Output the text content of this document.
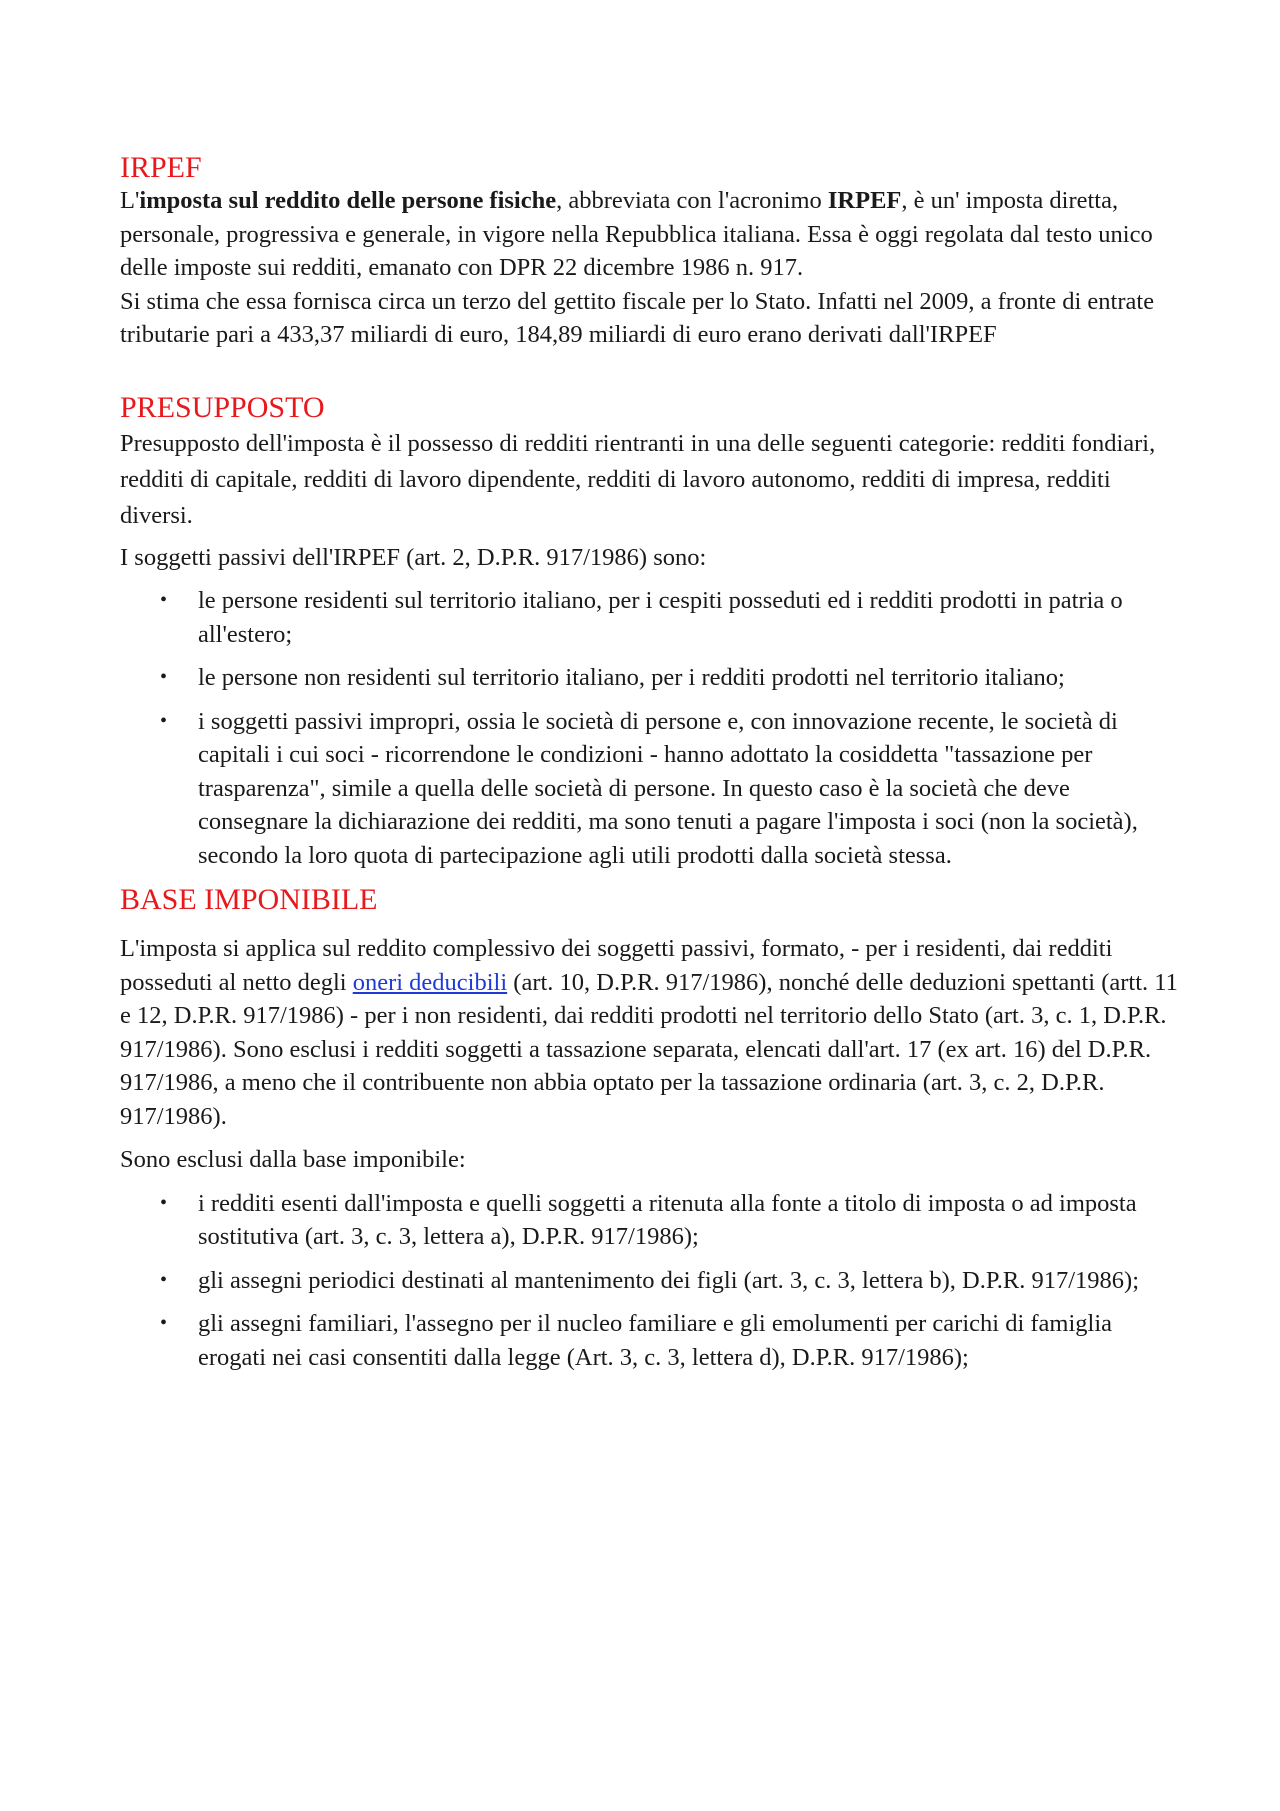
IRPEF

L'imposta sul reddito delle persone fisiche, abbreviata con l'acronimo IRPEF, è un' imposta diretta, personale, progressiva e generale, in vigore nella Repubblica italiana. Essa è oggi regolata dal testo unico delle imposte sui redditi, emanato con DPR 22 dicembre 1986 n. 917.

Si stima che essa fornisca circa un terzo del gettito fiscale per lo Stato. Infatti nel 2009, a fronte di entrate tributarie pari a 433,37 miliardi di euro, 184,89 miliardi di euro erano derivati dall'IRPEF

PRESUPPOSTO

Presupposto dell'imposta è il possesso di redditi rientranti in una delle seguenti categorie: redditi fondiari, redditi di capitale, redditi di lavoro dipendente, redditi di lavoro autonomo, redditi di impresa, redditi diversi.

I soggetti passivi dell'IRPEF (art. 2, D.P.R. 917/1986) sono:

• le persone residenti sul territorio italiano, per i cespiti posseduti ed i redditi prodotti in patria o all'estero;
• le persone non residenti sul territorio italiano, per i redditi prodotti nel territorio italiano;
• i soggetti passivi impropri, ossia le società di persone e, con innovazione recente, le società di capitali i cui soci - ricorrendone le condizioni - hanno adottato la cosiddetta "tassazione per trasparenza", simile a quella delle società di persone. In questo caso è la società che deve consegnare la dichiarazione dei redditi, ma sono tenuti a pagare l'imposta i soci (non la società), secondo la loro quota di partecipazione agli utili prodotti dalla società stessa.
BASE IMPONIBILE

L'imposta si applica sul reddito complessivo dei soggetti passivi, formato, - per i residenti, dai redditi posseduti al netto degli oneri deducibili (art. 10, D.P.R. 917/1986), nonché delle deduzioni spettanti (artt. 11 e 12, D.P.R. 917/1986) - per i non residenti, dai redditi prodotti nel territorio dello Stato (art. 3, c. 1, D.P.R. 917/1986). Sono esclusi i redditi soggetti a tassazione separata, elencati dall'art. 17 (ex art. 16) del D.P.R. 917/1986, a meno che il contribuente non abbia optato per la tassazione ordinaria (art. 3, c. 2, D.P.R. 917/1986).

Sono esclusi dalla base imponibile:

• i redditi esenti dall'imposta e quelli soggetti a ritenuta alla fonte a titolo di imposta o ad imposta sostitutiva (art. 3, c. 3, lettera a), D.P.R. 917/1986);
• gli assegni periodici destinati al mantenimento dei figli (art. 3, c. 3, lettera b), D.P.R. 917/1986);
• gli assegni familiari, l'assegno per il nucleo familiare e gli emolumenti per carichi di famiglia erogati nei casi consentiti dalla legge (Art. 3, c. 3, lettera d), D.P.R. 917/1986);
